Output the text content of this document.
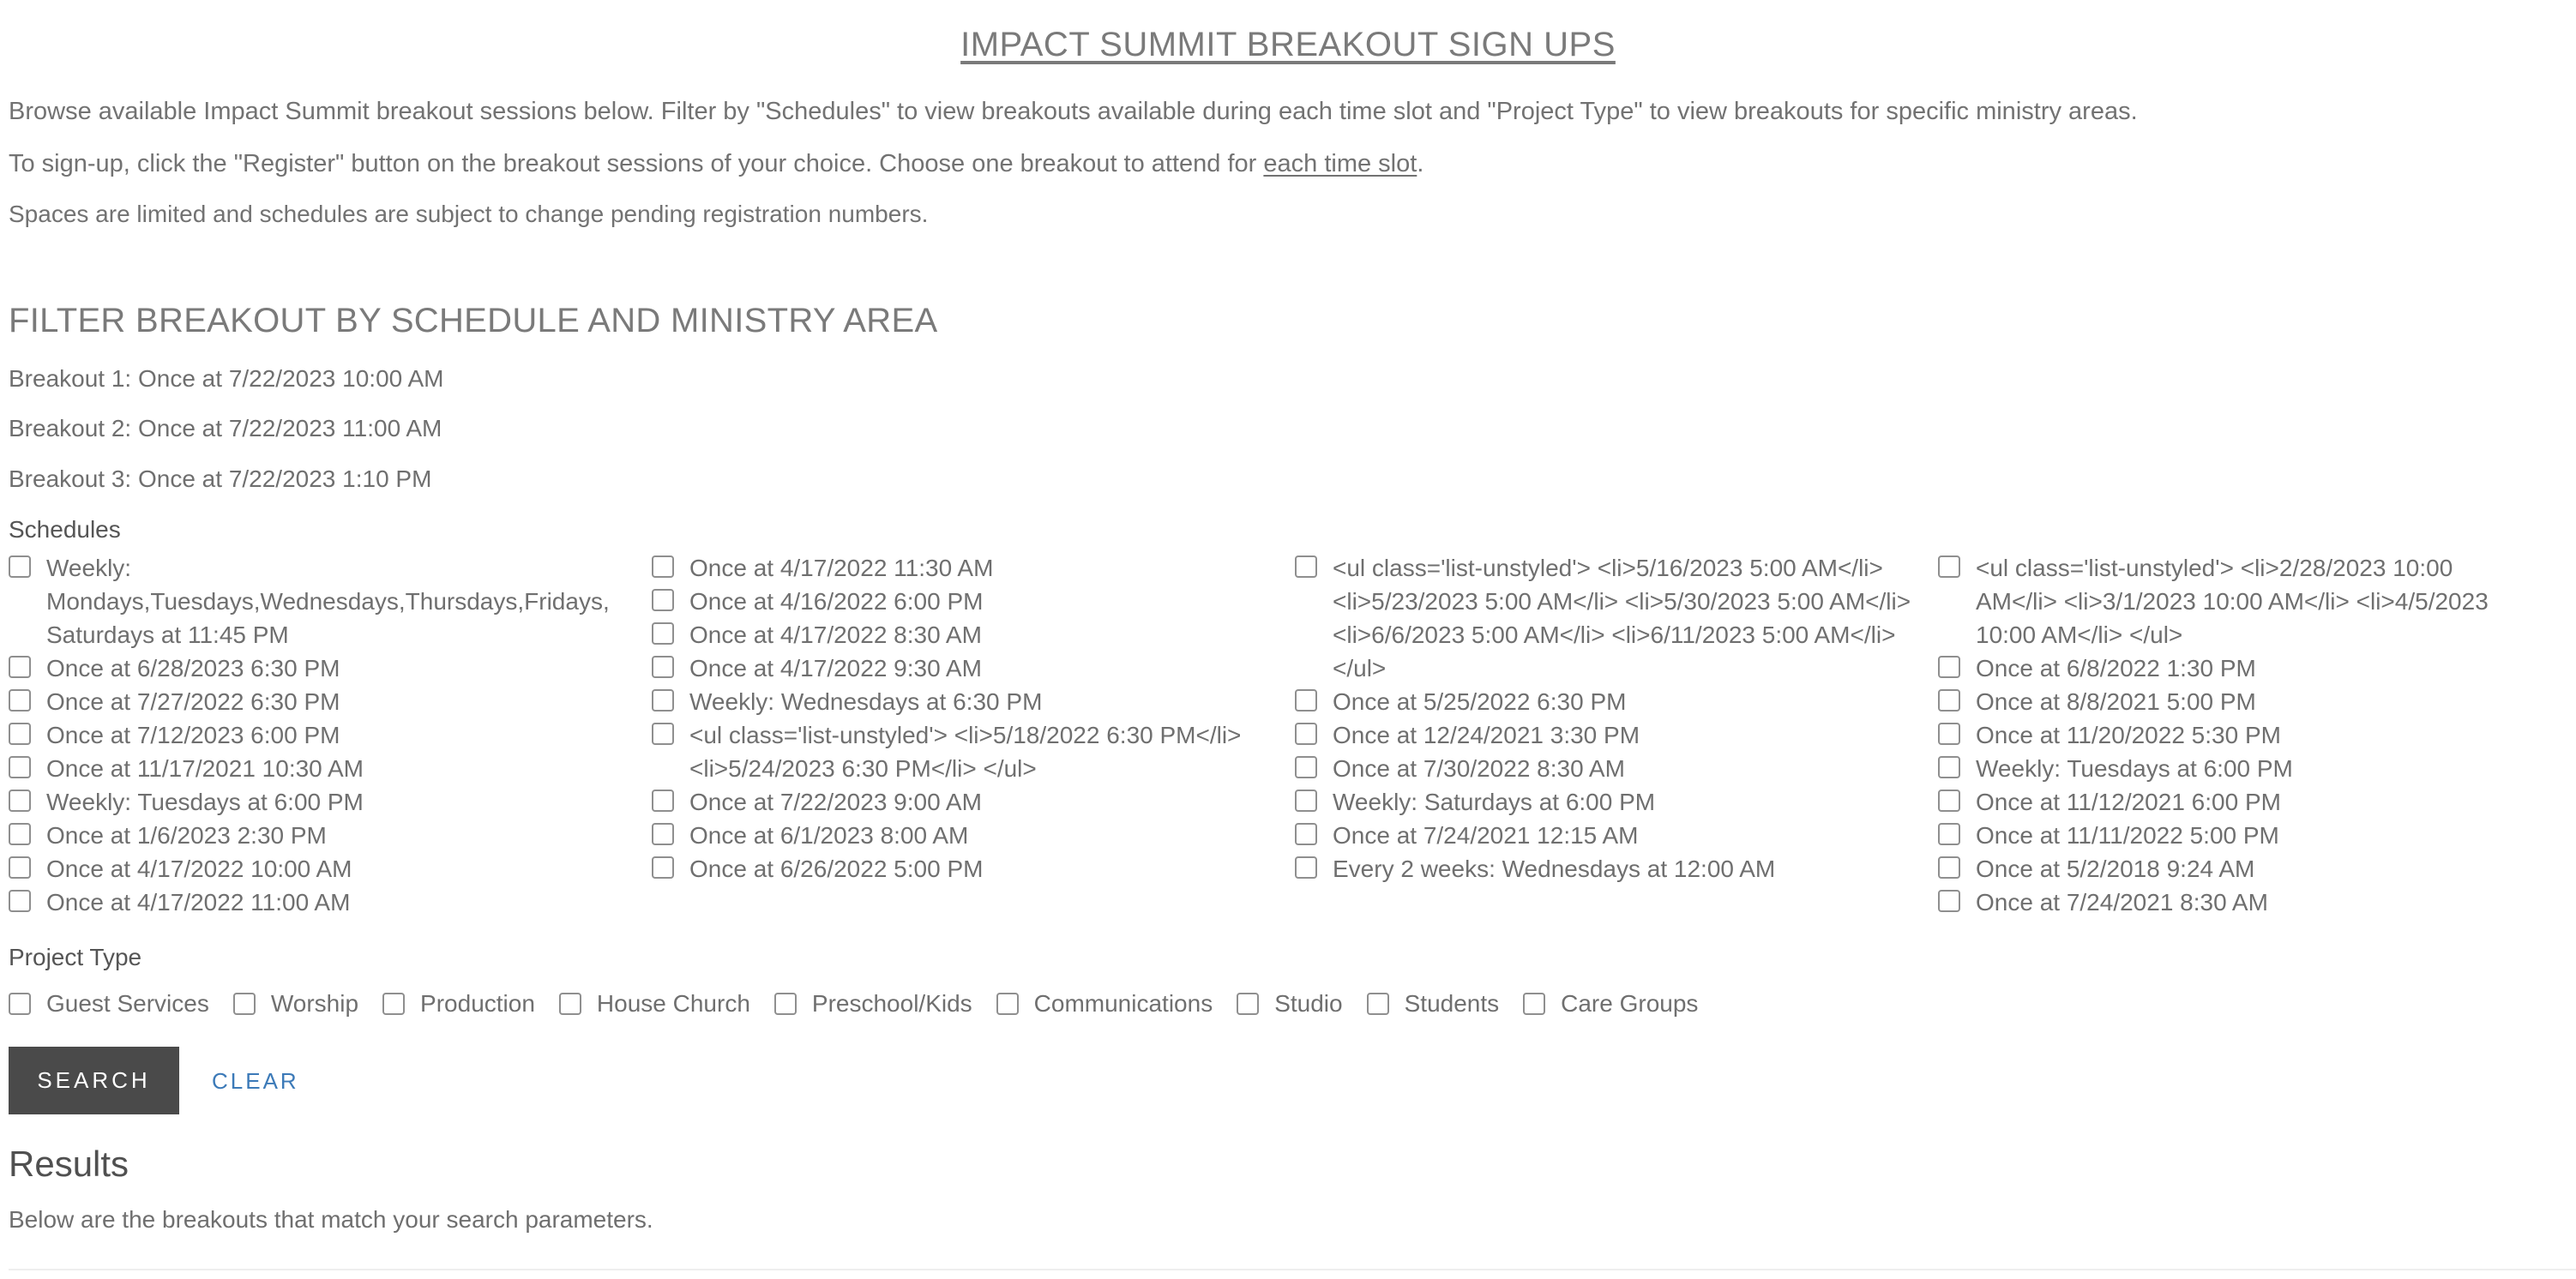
IMPACT SUMMIT BREAKOUT SIGN UPS

Browse available Impact Summit breakout sessions below. Filter by "Schedules" to view breakouts available during each time slot and "Project Type" to view breakouts for specific ministry areas.

To sign-up, click the "Register" button on the breakout sessions of your choice. Choose one breakout to attend for each time slot.

Spaces are limited and schedules are subject to change pending registration numbers.

FILTER BREAKOUT BY SCHEDULE AND MINISTRY AREA

Breakout 1: Once at 7/22/2023 10:00 AM

Breakout 2: Once at 7/22/2023 11:00 AM

Breakout 3: Once at 7/22/2023 1:10 PM

Schedules

Weekly: Mondays,Tuesdays,Wednesdays,Thursdays,Fridays, Saturdays at 11:45 PM
Once at 6/28/2023 6:30 PM
Once at 7/27/2022 6:30 PM
Once at 7/12/2023 6:00 PM
Once at 11/17/2021 10:30 AM
Weekly: Tuesdays at 6:00 PM
Once at 1/6/2023 2:30 PM
Once at 4/17/2022 10:00 AM
Once at 4/17/2022 11:00 AM
Once at 4/17/2022 11:30 AM
Once at 4/16/2022 6:00 PM
Once at 4/17/2022 8:30 AM
Once at 4/17/2022 9:30 AM
Weekly: Wednesdays at 6:30 PM
<ul class='list-unstyled'> <li>5/18/2022 6:30 PM</li> <li>5/24/2023 6:30 PM</li> </ul>
Once at 7/22/2023 9:00 AM
Once at 6/1/2023 8:00 AM
Once at 6/26/2022 5:00 PM
<ul class='list-unstyled'> <li>5/16/2023 5:00 AM</li> <li>5/23/2023 5:00 AM</li> <li>5/30/2023 5:00 AM</li> <li>6/6/2023 5:00 AM</li> <li>6/11/2023 5:00 AM</li> </ul>
Once at 5/25/2022 6:30 PM
Once at 12/24/2021 3:30 PM
Once at 7/30/2022 8:30 AM
Weekly: Saturdays at 6:00 PM
Once at 7/24/2021 12:15 AM
Every 2 weeks: Wednesdays at 12:00 AM
<ul class='list-unstyled'> <li>2/28/2023 10:00 AM</li> <li>3/1/2023 10:00 AM</li> <li>4/5/2023 10:00 AM</li> </ul>
Once at 6/8/2022 1:30 PM
Once at 8/8/2021 5:00 PM
Once at 11/20/2022 5:30 PM
Weekly: Tuesdays at 6:00 PM
Once at 11/12/2021 6:00 PM
Once at 11/11/2022 5:00 PM
Once at 5/2/2018 9:24 AM
Once at 7/24/2021 8:30 AM

Project Type

Guest Services	Worship	Production	House Church	Preschool/Kids	Communications	Studio	Students	Care Groups
SEARCH	CLEAR
Results

Below are the breakouts that match your search parameters.
